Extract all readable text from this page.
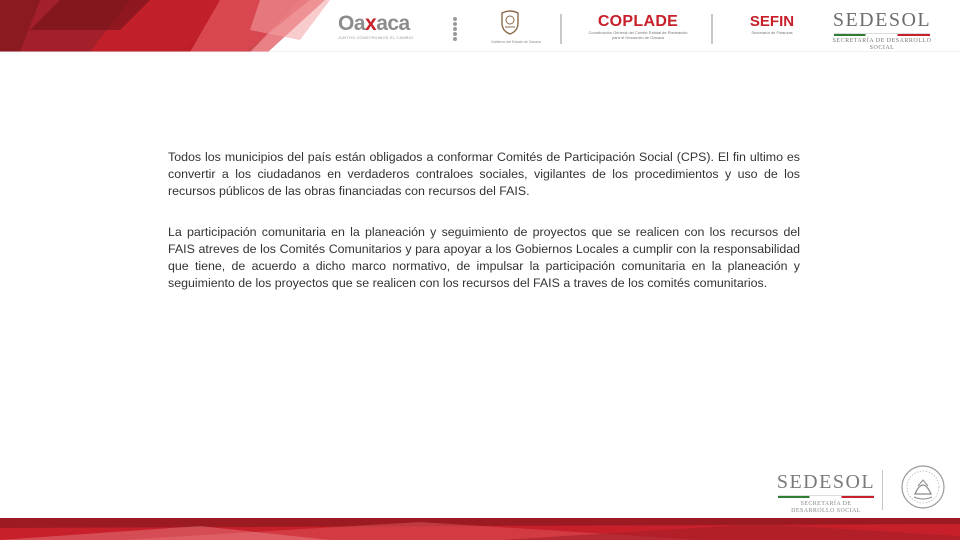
Oaxaca
JUNTOS CONSTRUIMOS EL CAMBIO
Gobierno del Estado de Oaxaca
COPLADE
Coordinación General del Comité Estatal de Planeación para el Desarrollo de Oaxaca
SEFIN
Secretaría de Finanzas
SEDESOL
SECRETARÍA DE DESARROLLO SOCIAL

Todos los municipios del país están obligados a conformar Comités de Participación Social (CPS). El fin ultimo es convertir a los ciudadanos en verdaderos contraloes sociales, vigilantes de los procedimientos y uso de los recursos públicos de las obras financiadas con recursos del FAIS.

La participación comunitaria en la planeación y seguimiento de proyectos que se realicen con los recursos del FAIS atreves de los Comités Comunitarios y para apoyar a los Gobiernos Locales a cumplir con la responsabilidad que tiene, de acuerdo a dicho marco normativo, de impulsar la participación comunitaria en la planeación y seguimiento de los proyectos que se realicen con los recursos del FAIS a traves de los comités comunitarios.

SEDESOL
SECRETARÍA DE
DESARROLLO SOCIAL
